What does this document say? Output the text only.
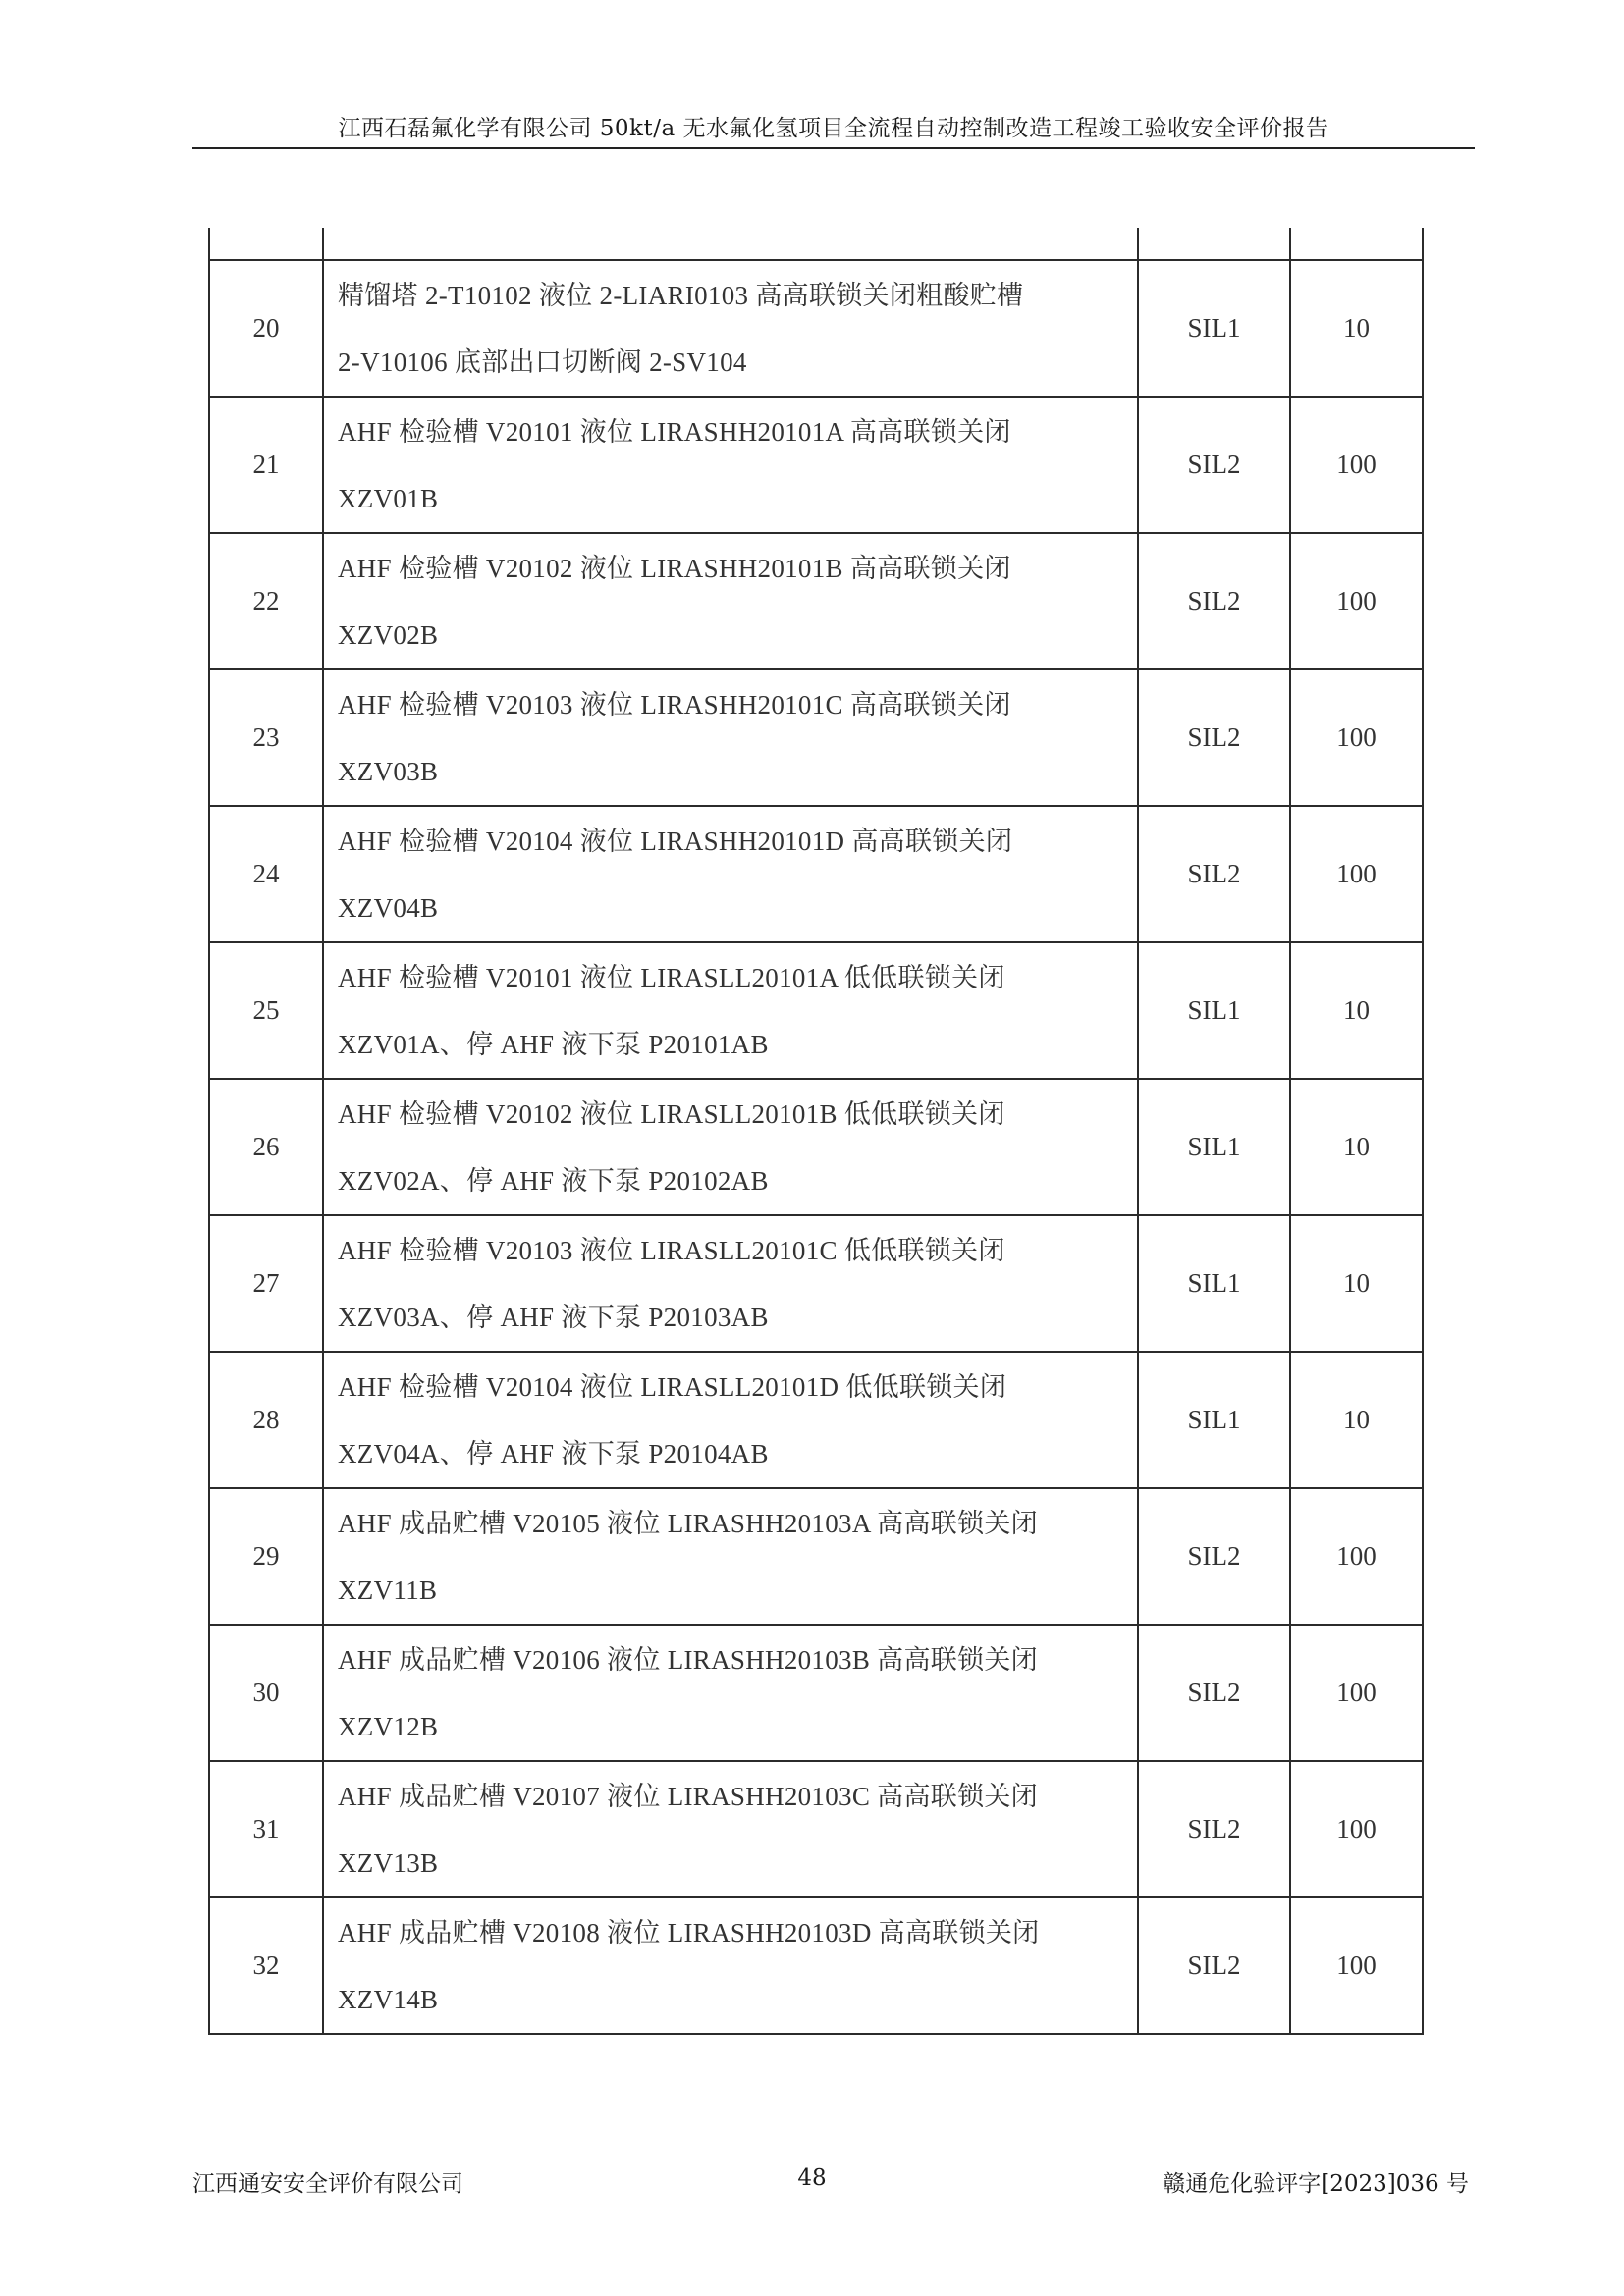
江西石磊氟化学有限公司 50kt/a 无水氟化氢项目全流程自动控制改造工程竣工验收安全评价报告

20	精馏塔 2-T10102 液位 2-LIARI0103 高高联锁关闭粗酸贮槽
2-V10106 底部出口切断阀 2-SV104	SIL1	10
21	AHF 检验槽 V20101 液位 LIRASHH20101A 高高联锁关闭
XZV01B	SIL2	100
22	AHF 检验槽 V20102 液位 LIRASHH20101B 高高联锁关闭
XZV02B	SIL2	100
23	AHF 检验槽 V20103 液位 LIRASHH20101C 高高联锁关闭
XZV03B	SIL2	100
24	AHF 检验槽 V20104 液位 LIRASHH20101D 高高联锁关闭
XZV04B	SIL2	100
25	AHF 检验槽 V20101 液位 LIRASLL20101A 低低联锁关闭
XZV01A、停 AHF 液下泵 P20101AB	SIL1	10
26	AHF 检验槽 V20102 液位 LIRASLL20101B 低低联锁关闭
XZV02A、停 AHF 液下泵 P20102AB	SIL1	10
27	AHF 检验槽 V20103 液位 LIRASLL20101C 低低联锁关闭
XZV03A、停 AHF 液下泵 P20103AB	SIL1	10
28	AHF 检验槽 V20104 液位 LIRASLL20101D 低低联锁关闭
XZV04A、停 AHF 液下泵 P20104AB	SIL1	10
29	AHF 成品贮槽 V20105 液位 LIRASHH20103A 高高联锁关闭
XZV11B	SIL2	100
30	AHF 成品贮槽 V20106 液位 LIRASHH20103B 高高联锁关闭
XZV12B	SIL2	100
31	AHF 成品贮槽 V20107 液位 LIRASHH20103C 高高联锁关闭
XZV13B	SIL2	100
32	AHF 成品贮槽 V20108 液位 LIRASHH20103D 高高联锁关闭
XZV14B	SIL2	100
江西通安安全评价有限公司	48	赣通危化验评字[2023]036 号
